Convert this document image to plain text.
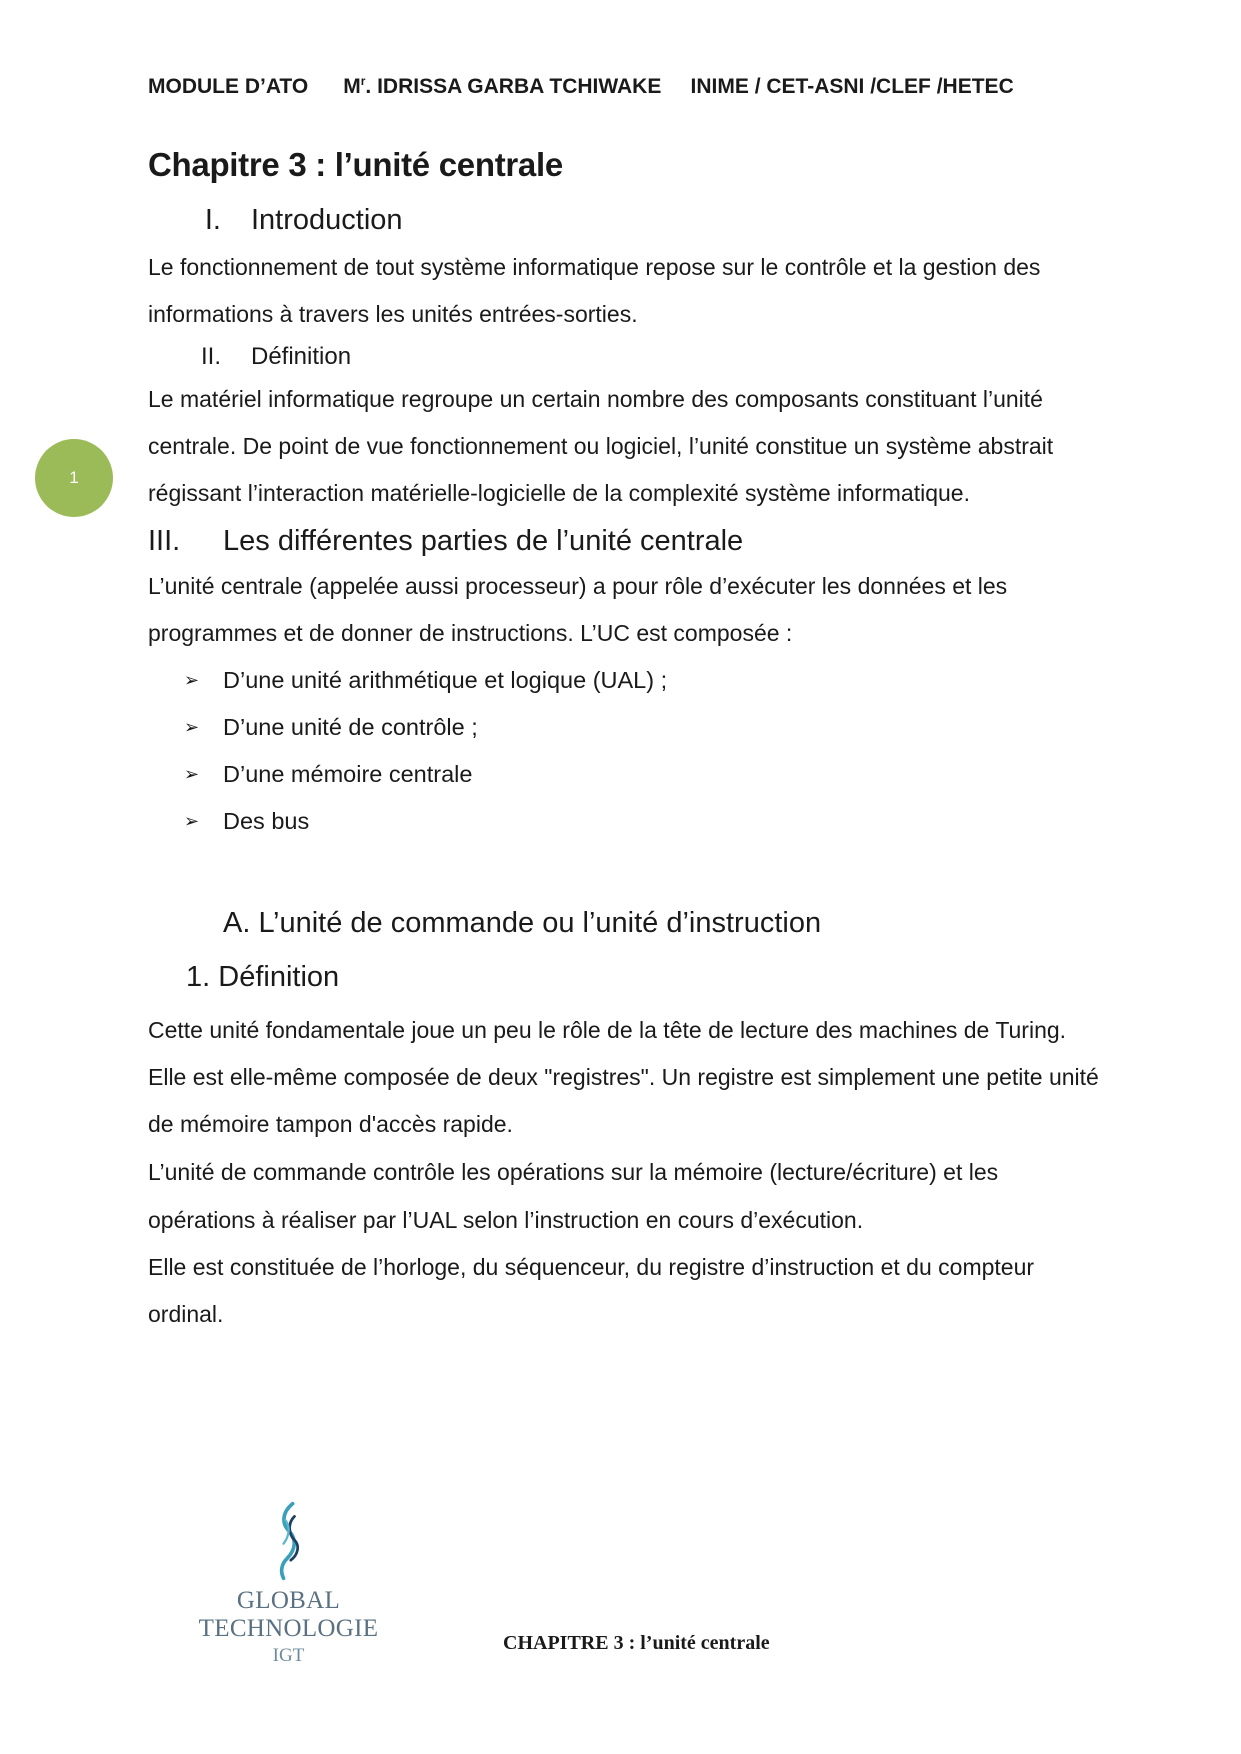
MODULE D’ATO $M^r$. IDRISSA GARBA TCHIWAKE INIME / CET-ASNI /CLEF /HETEC
1
Chapitre 3 : l’unité centrale
I. Introduction

Le fonctionnement de tout système informatique repose sur le contrôle et la gestion des informations à travers les unités entrées-sorties.

II. Définition

Le matériel informatique regroupe un certain nombre des composants constituant l’unité centrale. De point de vue fonctionnement ou logiciel, l’unité constitue un système abstrait régissant l’interaction matérielle-logicielle de la complexité système informatique.

III. Les différentes parties de l’unité centrale

L’unité centrale (appelée aussi processeur) a pour rôle d’exécuter les données et les programmes et de donner de instructions. L’UC est composée :

➢	D’une unité arithmétique et logique (UAL) ;
➢	D’une unité de contrôle ;
➢	D’une mémoire centrale
➢	Des bus
A. L’unité de commande ou l’unité d’instruction
1. Définition

Cette unité fondamentale joue un peu le rôle de la tête de lecture des machines de Turing. Elle est elle-même composée de deux "registres". Un registre est simplement une petite unité de mémoire tampon d'accès rapide.

L’unité de commande contrôle les opérations sur la mémoire (lecture/écriture) et les opérations à réaliser par l’UAL selon l’instruction en cours d’exécution.

Elle est constituée de l’horloge, du séquenceur, du registre d’instruction et du compteur ordinal.

GLOBAL TECHNOLOGIE
IGT
CHAPITRE 3 : l’unité centrale
